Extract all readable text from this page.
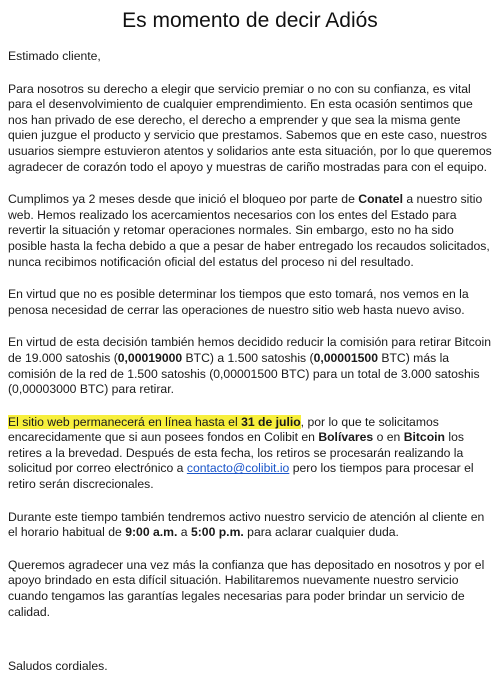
Es momento de decir Adiós

Estimado cliente,

Para nosotros su derecho a elegir que servicio premiar o no con su confianza, es vital para el desenvolvimiento de cualquier emprendimiento. En esta ocasión sentimos que nos han privado de ese derecho, el derecho a emprender y que sea la misma gente quien juzgue el producto y servicio que prestamos. Sabemos que en este caso, nuestros usuarios siempre estuvieron atentos y solidarios ante esta situación, por lo que queremos agradecer de corazón todo el apoyo y muestras de cariño mostradas para con el equipo.

Cumplimos ya 2 meses desde que inició el bloqueo por parte de Conatel a nuestro sitio web. Hemos realizado los acercamientos necesarios con los entes del Estado para revertir la situación y retomar operaciones normales. Sin embargo, esto no ha sido posible hasta la fecha debido a que a pesar de haber entregado los recaudos solicitados, nunca recibimos notificación oficial del estatus del proceso ni del resultado.

En virtud que no es posible determinar los tiempos que esto tomará, nos vemos en la penosa necesidad de cerrar las operaciones de nuestro sitio web hasta nuevo aviso.

En virtud de esta decisión también hemos decidido reducir la comisión para retirar Bitcoin de 19.000 satoshis (0,00019000 BTC) a 1.500 satoshis (0,00001500 BTC) más la comisión de la red de 1.500 satoshis (0,00001500 BTC) para un total de 3.000 satoshis (0,00003000 BTC) para retirar.

El sitio web permanecerá en línea hasta el 31 de julio, por lo que te solicitamos encarecidamente que si aun posees fondos en Colibit en Bolívares o en Bitcoin los retires a la brevedad. Después de esta fecha, los retiros se procesarán realizando la solicitud por correo electrónico a contacto@colibit.io pero los tiempos para procesar el retiro serán discrecionales.

Durante este tiempo también tendremos activo nuestro servicio de atención al cliente en el horario habitual de 9:00 a.m. a 5:00 p.m. para aclarar cualquier duda.

Queremos agradecer una vez más la confianza que has depositado en nosotros y por el apoyo brindado en esta difícil situación. Habilitaremos nuevamente nuestro servicio cuando tengamos las garantías legales necesarias para poder brindar un servicio de calidad.

Saludos cordiales.
